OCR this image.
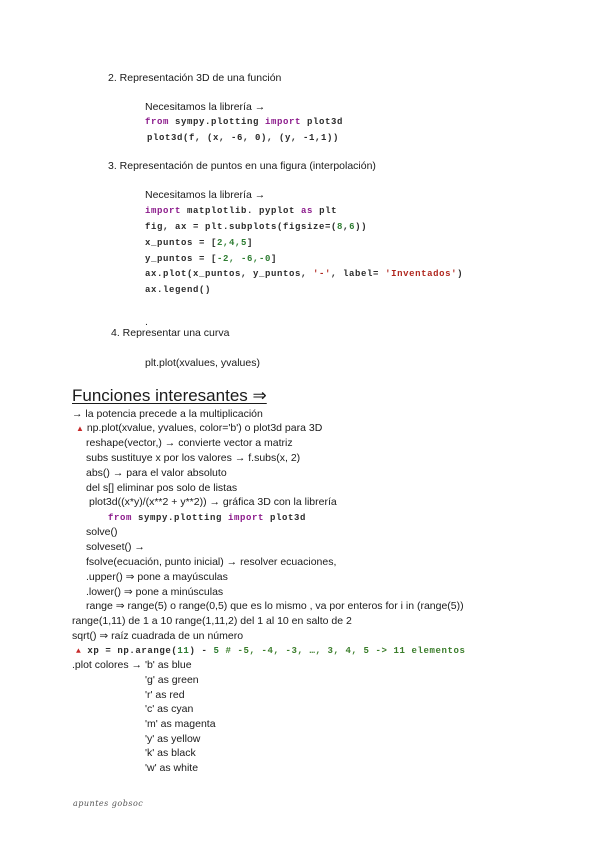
2. Representación 3D de una función
Necesitamos la librería →
from sympy.plotting import plot3d
plot3d(f, (x, -6, 0), (y, -1,1))
3. Representación de puntos en una figura (interpolación)
Necesitamos la librería →
import matplotlib. pyplot as plt
fig, ax = plt.subplots(figsize=(8,6))
x_puntos = [2,4,5]
y_puntos = [-2, -6,-0]
ax.plot(x_puntos, y_puntos, '-', label= 'Inventados')
ax.legend()
.
4. Representar una curva
plt.plot(xvalues, yvalues)
Funciones interesantes ⇒
→ la potencia precede a la multiplicación
▲ np.plot(xvalue, yvalues, color='b') o plot3d para 3D
reshape(vector,) → convierte vector a matriz
subs sustituye x por los valores → f.subs(x, 2)
abs() → para el valor absoluto
del s[] eliminar pos solo de listas
plot3d((x*y)/(x**2 + y**2)) → gráfica 3D con la librería
from sympy.plotting import plot3d
solve()
solveset() →
fsolve(ecuación, punto inicial) → resolver ecuaciones,
.upper() ⇒ pone a mayúsculas
.lower() ⇒ pone a minúsculas
range ⇒ range(5) o range(0,5) que es lo mismo , va por enteros for i in (range(5))
range(1,11) de 1 a 10 range(1,11,2) del 1 al 10 en salto de 2
sqrt() ⇒ raíz cuadrada de un número
▲ xp = np.arange(11) - 5 # -5, -4, -3, …, 3, 4, 5 -> 11 elementos
.plot colores → 'b' as blue
'g' as green
'r' as red
'c' as cyan
'm' as magenta
'y' as yellow
'k' as black
'w' as white
apuntes gobsoc
